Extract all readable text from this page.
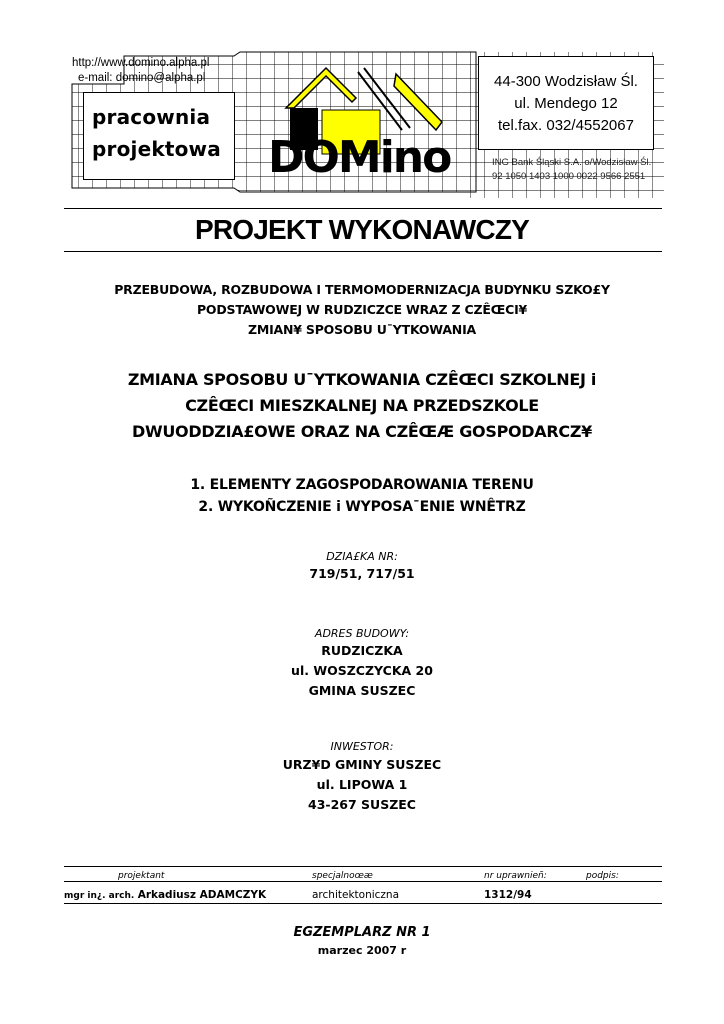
http://www.domino.alpha.pl
e-mail: domino@alpha.pl
pracownia
projektowa DOMino
44-300 Wodzisław Śl.
ul. Mendego 12
tel.fax. 032/4552067
ING Bank Śląski S.A. o/Wodzisław Śl.
92 1050 1403 1000 0022 9566 2551
PROJEKT WYKONAWCZY
PRZEBUDOWA, ROZBUDOWA I TERMOMODERNIZACJA BUDYNKU SZKO£Y
PODSTAWOWEJ W RUDZICZCE WRAZ Z CZÊŒCI¥
ZMIAN¥ SPOSOBU U¯YTKOWANIA
ZMIANA SPOSOBU U¯YTKOWANIA CZÊŒCI SZKOLNEJ i
CZÊŒCI MIESZKALNEJ NA PRZEDSZKOLE
DWUODDZIA£OWE ORAZ NA CZÊŒÆ GOSPODARCZ¥
1. ELEMENTY ZAGOSPODAROWANIA TERENU
2. WYKOÑCZENIE i WYPOSA¯ENIE WNÊTRZ
DZIA£KA NR:
719/51, 717/51
ADRES BUDOWY:
RUDZICZKA
ul. WOSZCZYCKA 20
GMINA SUSZEC
INWESTOR:
URZ¥D GMINY SUSZEC
ul. LIPOWA 1
43-267 SUSZEC
projektant	specjalnoœæ	nr uprawnieñ:	podpis:
mgr in¿. arch. Arkadiusz ADAMCZYK	architektoniczna	1312/94
EGZEMPLARZ NR 1
marzec 2007 r
